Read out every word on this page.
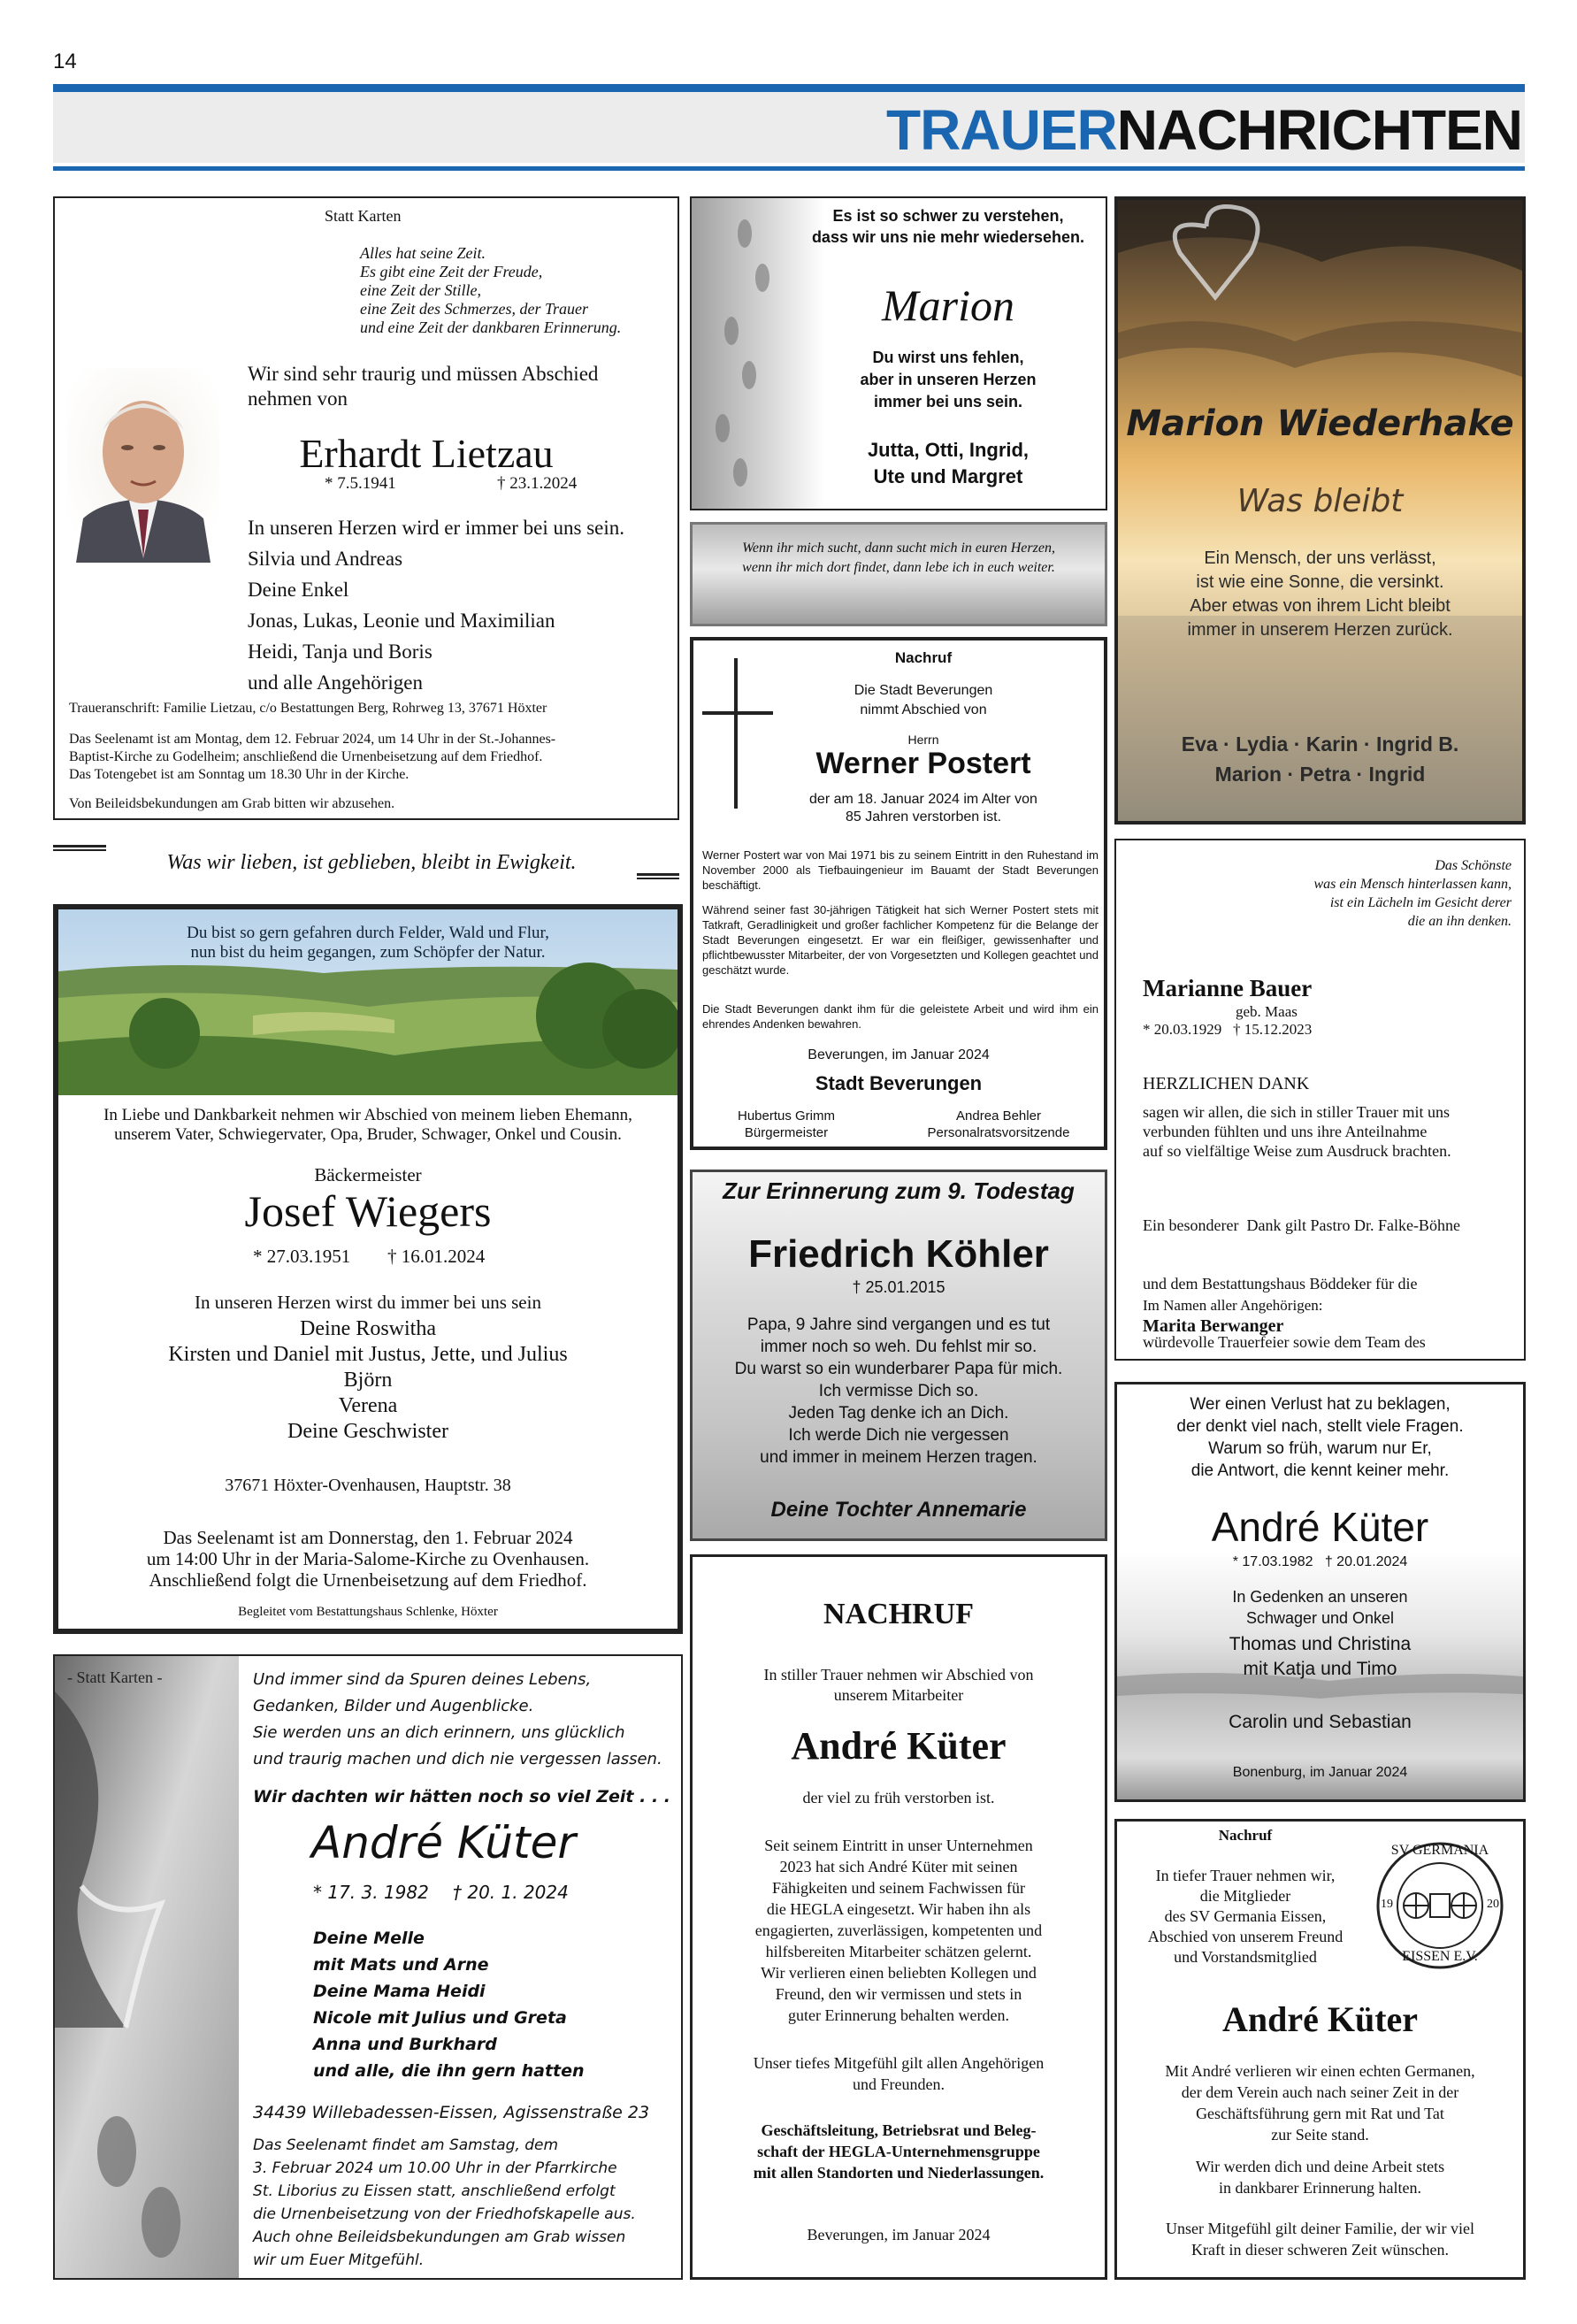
14
TRAUERNACHRICHTEN
Statt Karten
Alles hat seine Zeit.
Es gibt eine Zeit der Freude,
eine Zeit der Stille,
eine Zeit des Schmerzes, der Trauer
und eine Zeit der dankbaren Erinnerung.
Wir sind sehr traurig und müssen Abschied
nehmen von
Erhardt Lietzau
* 7.5.1941	† 23.1.2024
In unseren Herzen wird er immer bei uns sein.
Silvia und Andreas
Deine Enkel
Jonas, Lukas, Leonie und Maximilian
Heidi, Tanja und Boris
und alle Angehörigen
Traueranschrift: Familie Lietzau, c/o Bestattungen Berg, Rohrweg 13, 37671 Höxter
Das Seelenamt ist am Montag, dem 12. Februar 2024, um 14 Uhr in der St.-Johannes-
Baptist-Kirche zu Godelheim; anschließend die Urnenbeisetzung auf dem Friedhof.
Das Totengebet ist am Sonntag um 18.30 Uhr in der Kirche.
Von Beileidsbekundungen am Grab bitten wir abzusehen.
Was wir lieben, ist geblieben, bleibt in Ewigkeit.
Du bist so gern gefahren durch Felder, Wald und Flur,
nun bist du heim gegangen, zum Schöpfer der Natur.
In Liebe und Dankbarkeit nehmen wir Abschied von meinem lieben Ehemann,
unserem Vater, Schwiegervater, Opa, Bruder, Schwager, Onkel und Cousin.
Bäckermeister
Josef Wiegers
* 27.03.1951 † 16.01.2024
In unseren Herzen wirst du immer bei uns sein
Deine Roswitha
Kirsten und Daniel mit Justus, Jette, und Julius
Björn
Verena
Deine Geschwister
37671 Höxter-Ovenhausen, Hauptstr. 38
Das Seelenamt ist am Donnerstag, den 1. Februar 2024
um 14:00 Uhr in der Maria-Salome-Kirche zu Ovenhausen.
Anschließend folgt die Urnenbeisetzung auf dem Friedhof.
Begleitet vom Bestattungshaus Schlenke, Höxter
- Statt Karten -	Und immer sind da Spuren deines Lebens,
Gedanken, Bilder und Augenblicke.
Sie werden uns an dich erinnern, uns glücklich
und traurig machen und dich nie vergessen lassen.
Wir dachten wir hätten noch so viel Zeit . . .
André Küter
* 17. 3. 1982 † 20. 1. 2024
Deine Melle
mit Mats und Arne
Deine Mama Heidi
Nicole mit Julius und Greta
Anna und Burkhard
und alle, die ihn gern hatten
34439 Willebadessen-Eissen, Agissenstraße 23
Das Seelenamt findet am Samstag, dem
3. Februar 2024 um 10.00 Uhr in der Pfarrkirche
St. Liborius zu Eissen statt, anschließend erfolgt
die Urnenbeisetzung von der Friedhofskapelle aus.
Auch ohne Beileidsbekundungen am Grab wissen
wir um Euer Mitgefühl.
Es ist so schwer zu verstehen,
dass wir uns nie mehr wiedersehen.
Marion
Du wirst uns fehlen,
aber in unseren Herzen
immer bei uns sein.
Jutta, Otti, Ingrid,
Ute und Margret
Wenn ihr mich sucht, dann sucht mich in euren Herzen,
wenn ihr mich dort findet, dann lebe ich in euch weiter.
Nachruf
Die Stadt Beverungen
nimmt Abschied von
Herrn
Werner Postert
der am 18. Januar 2024 im Alter von
85 Jahren verstorben ist.
Werner Postert war von Mai 1971 bis zu seinem Eintritt in den Ruhestand im November 2000 als Tiefbauingenieur im Bauamt der Stadt Beverungen beschäftigt.
Während seiner fast 30-jährigen Tätigkeit hat sich Werner Postert stets mit Tatkraft, Geradlinigkeit und großer fachlicher Kompetenz für die Belange der Stadt Beverungen eingesetzt. Er war ein fleißiger, gewissenhafter und pflichtbewusster Mitarbeiter, der von Vorgesetzten und Kollegen geachtet und geschätzt wurde.
Die Stadt Beverungen dankt ihm für die geleistete Arbeit und wird ihm ein ehrendes Andenken bewahren.
Beverungen, im Januar 2024
Stadt Beverungen
Hubertus Grimm
Bürgermeister
Andrea Behler
Personalratsvorsitzende
Zur Erinnerung zum 9. Todestag
Friedrich Köhler
† 25.01.2015
Papa, 9 Jahre sind vergangen und es tut
immer noch so weh. Du fehlst mir so.
Du warst so ein wunderbarer Papa für mich.
Ich vermisse Dich so.
Jeden Tag denke ich an Dich.
Ich werde Dich nie vergessen
und immer in meinem Herzen tragen.
Deine Tochter Annemarie
NACHRUF
In stiller Trauer nehmen wir Abschied von
unserem Mitarbeiter
André Küter
der viel zu früh verstorben ist.
Seit seinem Eintritt in unser Unternehmen
2023 hat sich André Küter mit seinen
Fähigkeiten und seinem Fachwissen für
die HEGLA eingesetzt. Wir haben ihn als
engagierten, zuverlässigen, kompetenten und
hilfsbereiten Mitarbeiter schätzen gelernt.
Wir verlieren einen beliebten Kollegen und
Freund, den wir vermissen und stets in
guter Erinnerung behalten werden.
Unser tiefes Mitgefühl gilt allen Angehörigen
und Freunden.
Geschäftsleitung, Betriebsrat und Beleg-
schaft der HEGLA-Unternehmensgruppe
mit allen Standorten und Niederlassungen.
Beverungen, im Januar 2024
Marion Wiederhake
Was bleibt
Ein Mensch, der uns verlässt,
ist wie eine Sonne, die versinkt.
Aber etwas von ihrem Licht bleibt
immer in unserem Herzen zurück.
Eva · Lydia · Karin · Ingrid B.
Marion · Petra · Ingrid
Das Schönste
was ein Mensch hinterlassen kann,
ist ein Lächeln im Gesicht derer
die an ihn denken.
Marianne Bauer
geb. Maas
* 20.03.1929   † 15.12.2023
HERZLICHEN DANK
sagen wir allen, die sich in stiller Trauer mit uns
verbunden fühlten und uns ihre Anteilnahme
auf so vielfältige Weise zum Ausdruck brachten.

Ein besonderer  Dank gilt Pastro Dr. Falke-Böhne

und dem Bestattungshaus Böddeker für die

würdevolle Trauerfeier sowie dem Team des

Im Namen aller Angehörigen:
Marita Berwanger
Wer einen Verlust hat zu beklagen,
der denkt viel nach, stellt viele Fragen.
Warum so früh, warum nur Er,
die Antwort, die kennt keiner mehr.
André Küter
* 17.03.1982   † 20.01.2024
In Gedenken an unseren
Schwager und Onkel
Thomas und Christina
mit Katja und Timo
Carolin und Sebastian
Bonenburg, im Januar 2024
Nachruf
In tiefer Trauer nehmen wir,
die Mitglieder
des SV Germania Eissen,
Abschied von unserem Freund
und Vorstandsmitglied
SV GERMANIA
EISSEN E.V.
19	20
André Küter
Mit André verlieren wir einen echten Germanen,
der dem Verein auch nach seiner Zeit in der
Geschäftsführung gern mit Rat und Tat
zur Seite stand.
Wir werden dich und deine Arbeit stets
in dankbarer Erinnerung halten.
Unser Mitgefühl gilt deiner Familie, der wir viel
Kraft in dieser schweren Zeit wünschen.
